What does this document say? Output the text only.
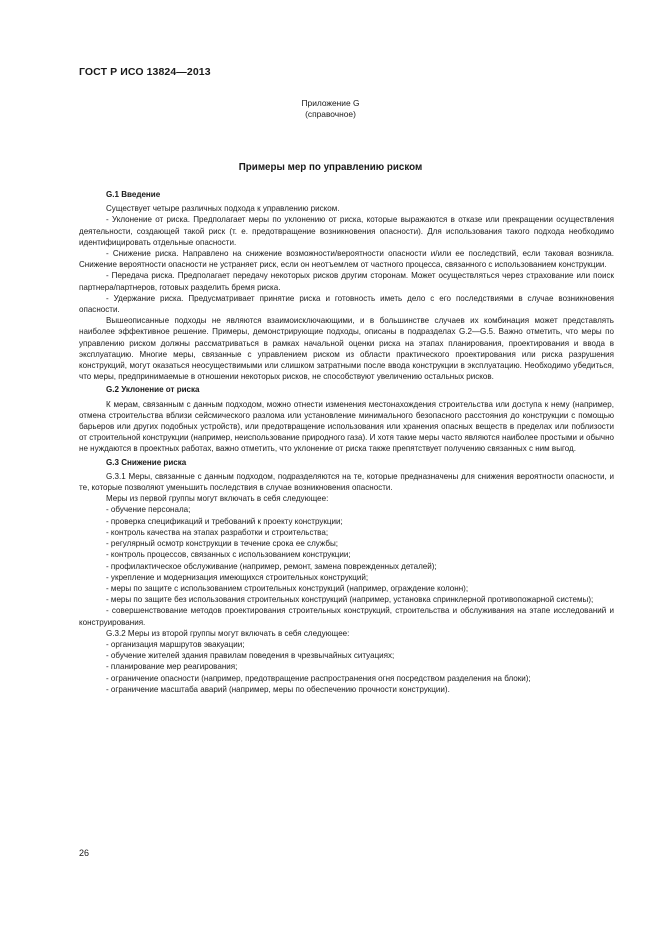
ГОСТ Р ИСО 13824—2013
Приложение G
(справочное)
Примеры мер по управлению риском

G.1 Введение

Существует четыре различных подхода к управлению риском.

- Уклонение от риска. Предполагает меры по уклонению от риска, которые выражаются в отказе или прекращении осуществления деятельности, создающей такой риск (т. е. предотвращение возникновения опасности). Для использования такого подхода необходимо идентифицировать отдельные опасности.

- Снижение риска. Направлено на снижение возможности/вероятности опасности и/или ее последствий, если таковая возникла. Снижение вероятности опасности не устраняет риск, если он неотъемлем от частного процесса, связанного с использованием конструкции.

- Передача риска. Предполагает передачу некоторых рисков другим сторонам. Может осуществляться через страхование или поиск партнера/партнеров, готовых разделить бремя риска.

- Удержание риска. Предусматривает принятие риска и готовность иметь дело с его последствиями в случае возникновения опасности.

Вышеописанные подходы не являются взаимоисключающими, и в большинстве случаев их комбинация может представлять наиболее эффективное решение. Примеры, демонстрирующие подходы, описаны в подразделах G.2—G.5. Важно отметить, что меры по управлению риском должны рассматриваться в рамках начальной оценки риска на этапах планирования, проектирования и ввода в эксплуатацию. Многие меры, связанные с управлением риском из области практического проектирования или риска разрушения конструкций, могут оказаться неосуществимыми или слишком затратными после ввода конструкции в эксплуатацию. Необходимо убедиться, что меры, предпринимаемые в отношении некоторых рисков, не способствуют увеличению остальных рисков.

G.2 Уклонение от риска

К мерам, связанным с данным подходом, можно отнести изменения местонахождения строительства или доступа к нему (например, отмена строительства вблизи сейсмического разлома или установление минимального безопасного расстояния до конструкции с помощью барьеров или других подобных устройств), или предотвращение использования или хранения опасных веществ в пределах или поблизости от строительной конструкции (например, неиспользование природного газа). И хотя такие меры часто являются наиболее простыми и обычно не нуждаются в проектных работах, важно отметить, что уклонение от риска также препятствует получению связанных с ним выгод.

G.3 Снижение риска

G.3.1 Меры, связанные с данным подходом, подразделяются на те, которые предназначены для снижения вероятности опасности, и те, которые позволяют уменьшить последствия в случае возникновения опасности.

Меры из первой группы могут включать в себя следующее:

- обучение персонала;

- проверка спецификаций и требований к проекту конструкции;

- контроль качества на этапах разработки и строительства;

- регулярный осмотр конструкции в течение срока ее службы;

- контроль процессов, связанных с использованием конструкции;

- профилактическое обслуживание (например, ремонт, замена поврежденных деталей);

- укрепление и модернизация имеющихся строительных конструкций;

- меры по защите с использованием строительных конструкций (например, ограждение колонн);

- меры по защите без использования строительных конструкций (например, установка спринклерной противопожарной системы);

- совершенствование методов проектирования строительных конструкций, строительства и обслуживания на этапе исследований и конструирования.

G.3.2 Меры из второй группы могут включать в себя следующее:

- организация маршрутов эвакуации;

- обучение жителей здания правилам поведения в чрезвычайных ситуациях;

- планирование мер реагирования;

- ограничение опасности (например, предотвращение распространения огня посредством разделения на блоки);

- ограничение масштаба аварий (например, меры по обеспечению прочности конструкции).

26
